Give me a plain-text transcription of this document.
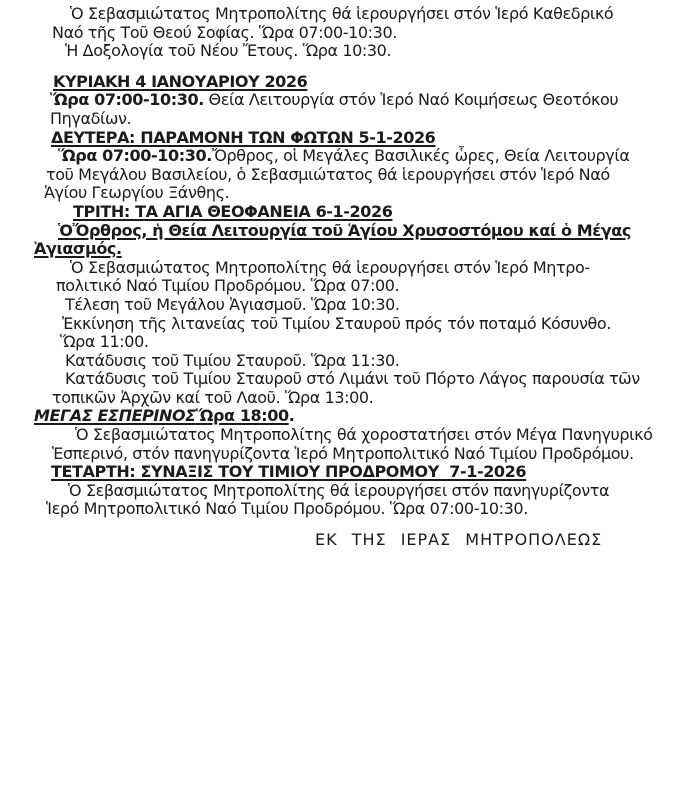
Ὁ Σεβασμιώτατος Μητροπολίτης θά ἱερουργήσει στόν Ἱερό Καθεδρικό
Ναό τῆς Τοῦ Θεού Σοφίας. Ὥρα 07:00-10:30.
Ἡ Δοξολογία τοῦ Νέου Ἔτους. Ὥρα 10:30.
ΚΥΡΙΑΚΗ 4 ΙΑΝΟΥΑΡΙΟΥ 2026
Ὥρα 07:00-10:30. Θεία Λειτουργία στόν Ἱερό Ναό Κοιμήσεως Θεοτόκου
Πηγαδίων.
ΔΕΥΤΕΡΑ: ΠΑΡΑΜΟΝΗ ΤΩΝ ΦΩΤΩΝ 5-1-2026
Ὥρα 07:00-10:30.Ὄρθρος, οἱ Μεγάλες Βασιλικές ὧρες, Θεία Λειτουργία
τοῦ Μεγάλου Βασιλείου, ὁ Σεβασμιώτατος θά ἱερουργήσει στόν Ἱερό Ναό
Ἁγίου Γεωργίου Ξάνθης.
ΤΡΙΤΗ: ΤΑ ΑΓΙΑ ΘΕΟΦΑΝΕΙΑ 6-1-2026
ὉὌρθρος, ἡ Θεία Λειτουργία τοῦ Ἁγίου Χρυσοστόμου καί ὁ Μέγας
Ἁγιασμός.
Ὁ Σεβασμιώτατος Μητροπολίτης θά ἱερουργήσει στόν Ἱερό Μητρο-
πολιτικό Ναό Τιμίου Προδρόμου. Ὥρα 07:00.
Τέλεση τοῦ Μεγάλου Ἁγιασμοῦ. Ὥρα 10:30.
Ἐκκίνηση τῆς λιτανείας τοῦ Τιμίου Σταυροῦ πρός τόν ποταμό Κόσυνθο.
Ὥρα 11:00.
Κατάδυσις τοῦ Τιμίου Σταυροῦ. Ὥρα 11:30.
Κατάδυσις τοῦ Τιμίου Σταυροῦ στό Λιμάνι τοῦ Πόρτο Λάγος παρουσία τῶν
τοπικῶν Ἀρχῶν καί τοῦ Λαοῦ. Ὥρα 13:00.
ΜΕΓΑΣ ΕΣΠΕΡΙΝΟΣὭρα 18:00.
Ὁ Σεβασμιώτατος Μητροπολίτης θά χοροστατήσει στόν Μέγα Πανηγυρικό
Ἑσπερινό, στόν πανηγυρίζοντα Ἱερό Μητροπολιτικό Ναό Τιμίου Προδρόμου.
ΤΕΤΑΡΤΗ: ΣΥΝΑΞΙΣ ΤΟΥ ΤΙΜΙΟΥ ΠΡΟΔΡΟΜΟΥ  7-1-2026
Ὁ Σεβασμιώτατος Μητροπολίτης θά ἱερουργήσει στόν πανηγυρίζοντα
Ἱερό Μητροπολιτικό Ναό Τιμίου Προδρόμου. Ὥρα 07:00-10:30.
ΕΚ ΤΗΣ ΙΕΡΑΣ ΜΗΤΡΟΠΟΛΕΩΣ
